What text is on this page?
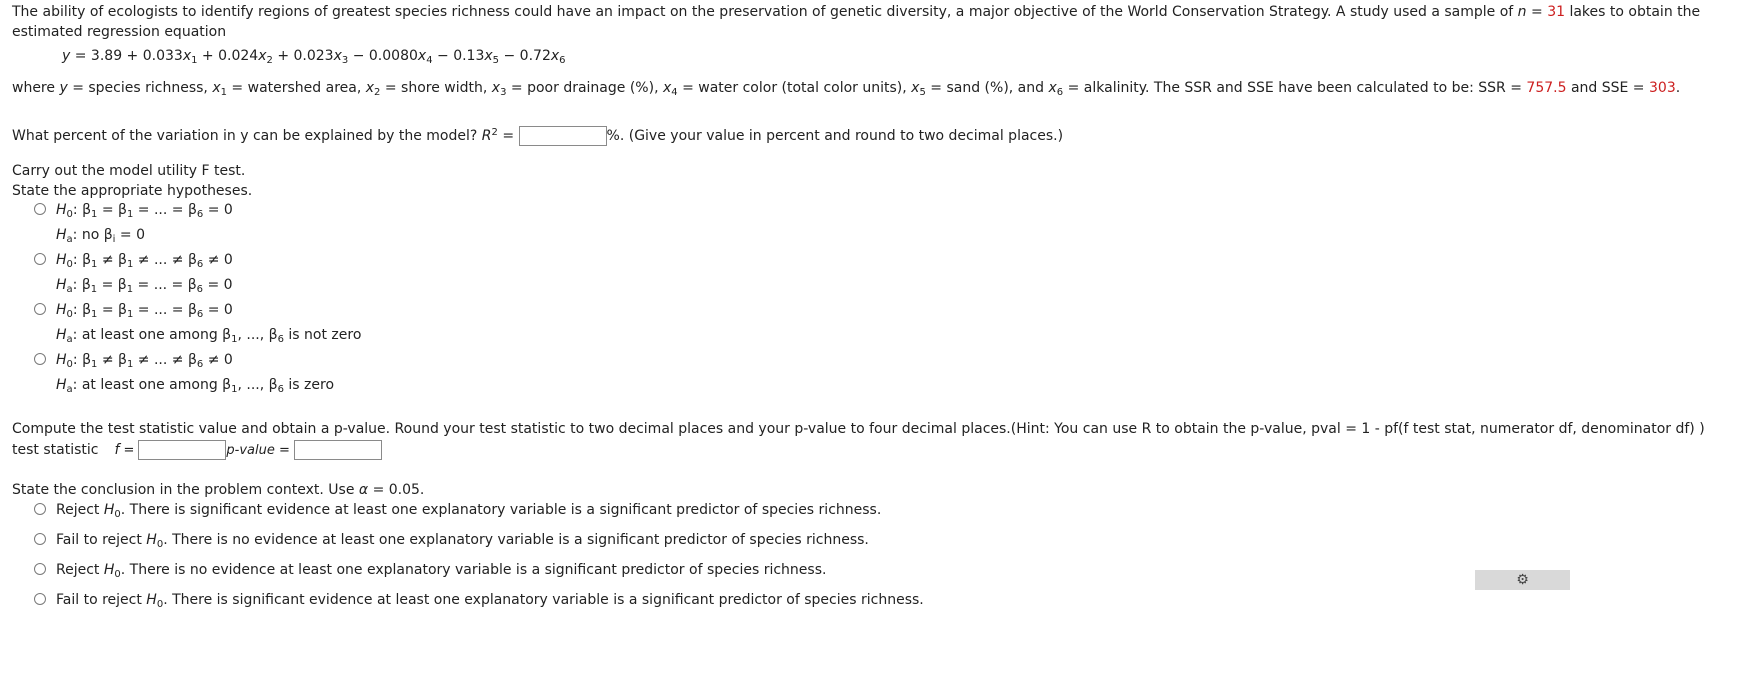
The ability of ecologists to identify regions of greatest species richness could have an impact on the preservation of genetic diversity, a major objective of the World Conservation Strategy. A study used a sample of n = 31 lakes to obtain the estimated regression equation

$y = 3.89 + 0.033x_1 + 0.024x_2 + 0.023x_3 - 0.0080x_4 - 0.13x_5 - 0.72x_6$
where y = species richness, $x_1$ = watershed area, $x_2$ = shore width, $x_3$ = poor drainage (%), $x_4$ = water color (total color units), $x_5$ = sand (%), and $x_6$ = alkalinity. The SSR and SSE have been calculated to be: SSR = 757.5 and SSE = 303.
What percent of the variation in y can be explained by the model? $R^2$ =	%. (Give your value in percent and round to two decimal places.)
Carry out the model utility F test.
State the appropriate hypotheses.
$H_0$: $\beta_1 = \beta_1$ = ... = $\beta_6 = 0$
$H_a$: no $\beta_i = 0$
$H_0$: $\beta_1 \ne \beta_1$ ≠ ... ≠ $\beta_6 \ne 0$
$H_a$: $\beta_1 = \beta_1$ = ... = $\beta_6 = 0$
$H_0$: $\beta_1 = \beta_1$ = ... = $\beta_6 = 0$
$H_a$: at least one among $\beta_1$, ..., $\beta_6$ is not zero
$H_0$: $\beta_1 \ne \beta_1$ ≠ ... ≠ $\beta_6 \ne 0$
$H_a$: at least one among $\beta_1$, ..., $\beta_6$ is zero
Compute the test statistic value and obtain a p-value. Round your test statistic to two decimal places and your p-value to four decimal places.(Hint: You can use R to obtain the p-value, pval = 1 - pf(f test stat, numerator df, denominator df) )
test statistic f =	p-value =
State the conclusion in the problem context. Use α = 0.05.
Reject $H_0$. There is significant evidence at least one explanatory variable is a significant predictor of species richness.
Fail to reject $H_0$. There is no evidence at least one explanatory variable is a significant predictor of species richness.
Reject $H_0$. There is no evidence at least one explanatory variable is a significant predictor of species richness.
Fail to reject $H_0$. There is significant evidence at least one explanatory variable is a significant predictor of species richness.
⚙
